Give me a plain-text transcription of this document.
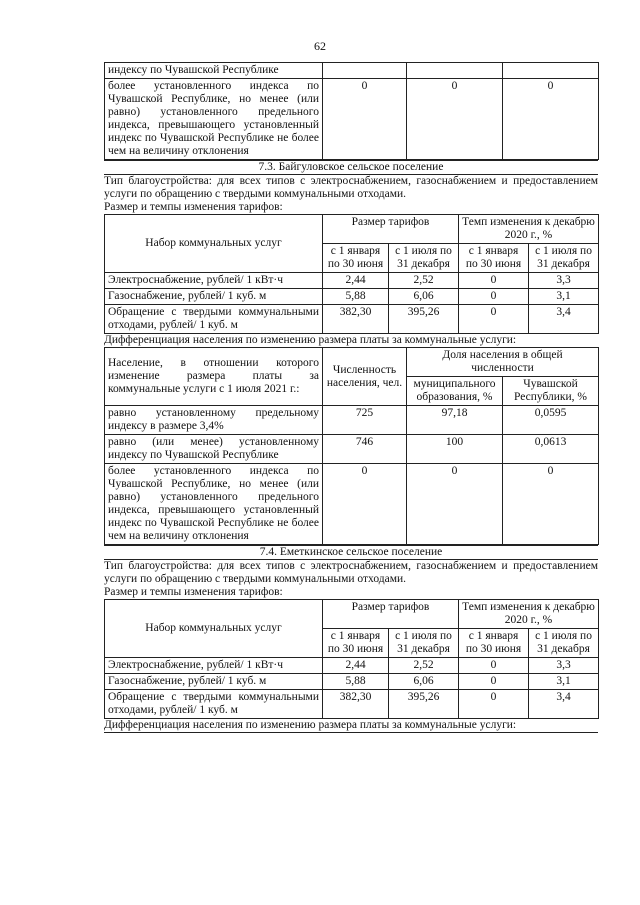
62
индексу по Чувашской Республике			
более установленного индекса по Чувашской Республике, но менее (или равно) установленного предельного индекса, превышающего установленный индекс по Чувашской Республике не более чем на величину отклонения	0	0	0
7.3. Байгуловское сельское поселение
Тип благоустройства: для всех типов с электроснабжением, газоснабжением и предоставлением услуги по обращению с твердыми коммунальными отходами.
Размер и темпы изменения тарифов:
Набор коммунальных услуг	Размер тарифов		Темп изменения к декабрю 2020 г., %	
	с 1 января по 30 июня	с 1 июля по 31 декабря	с 1 января по 30 июня	с 1 июля по 31 декабря
Электроснабжение, рублей/ 1 кВт·ч	2,44	2,52	0	3,3
Газоснабжение, рублей/ 1 куб. м	5,88	6,06	0	3,1
Обращение с твердыми коммунальными отходами, рублей/ 1 куб. м	382,30	395,26	0	3,4
Дифференциация населения по изменению размера платы за коммунальные услуги:
Население, в отношении которого изменение размера платы за коммунальные услуги с 1 июля 2021 г.:	Численность населения, чел.	Доля населения в общей численности	
		муниципального образования, %	Чувашской Республики, %
равно установленному предельному индексу в размере 3,4%	725	97,18	0,0595
равно (или менее) установленному индексу по Чувашской Республике	746	100	0,0613
более установленного индекса по Чувашской Республике, но менее (или равно) установленного предельного индекса, превышающего установленный индекс по Чувашской Республике не более чем на величину отклонения	0	0	0
7.4. Еметкинское сельское поселение
Тип благоустройства: для всех типов с электроснабжением, газоснабжением и предоставлением услуги по обращению с твердыми коммунальными отходами.
Размер и темпы изменения тарифов:
Набор коммунальных услуг	Размер тарифов		Темп изменения к декабрю 2020 г., %	
	с 1 января по 30 июня	с 1 июля по 31 декабря	с 1 января по 30 июня	с 1 июля по 31 декабря
Электроснабжение, рублей/ 1 кВт·ч	2,44	2,52	0	3,3
Газоснабжение, рублей/ 1 куб. м	5,88	6,06	0	3,1
Обращение с твердыми коммунальными отходами, рублей/ 1 куб. м	382,30	395,26	0	3,4
Дифференциация населения по изменению размера платы за коммунальные услуги:
